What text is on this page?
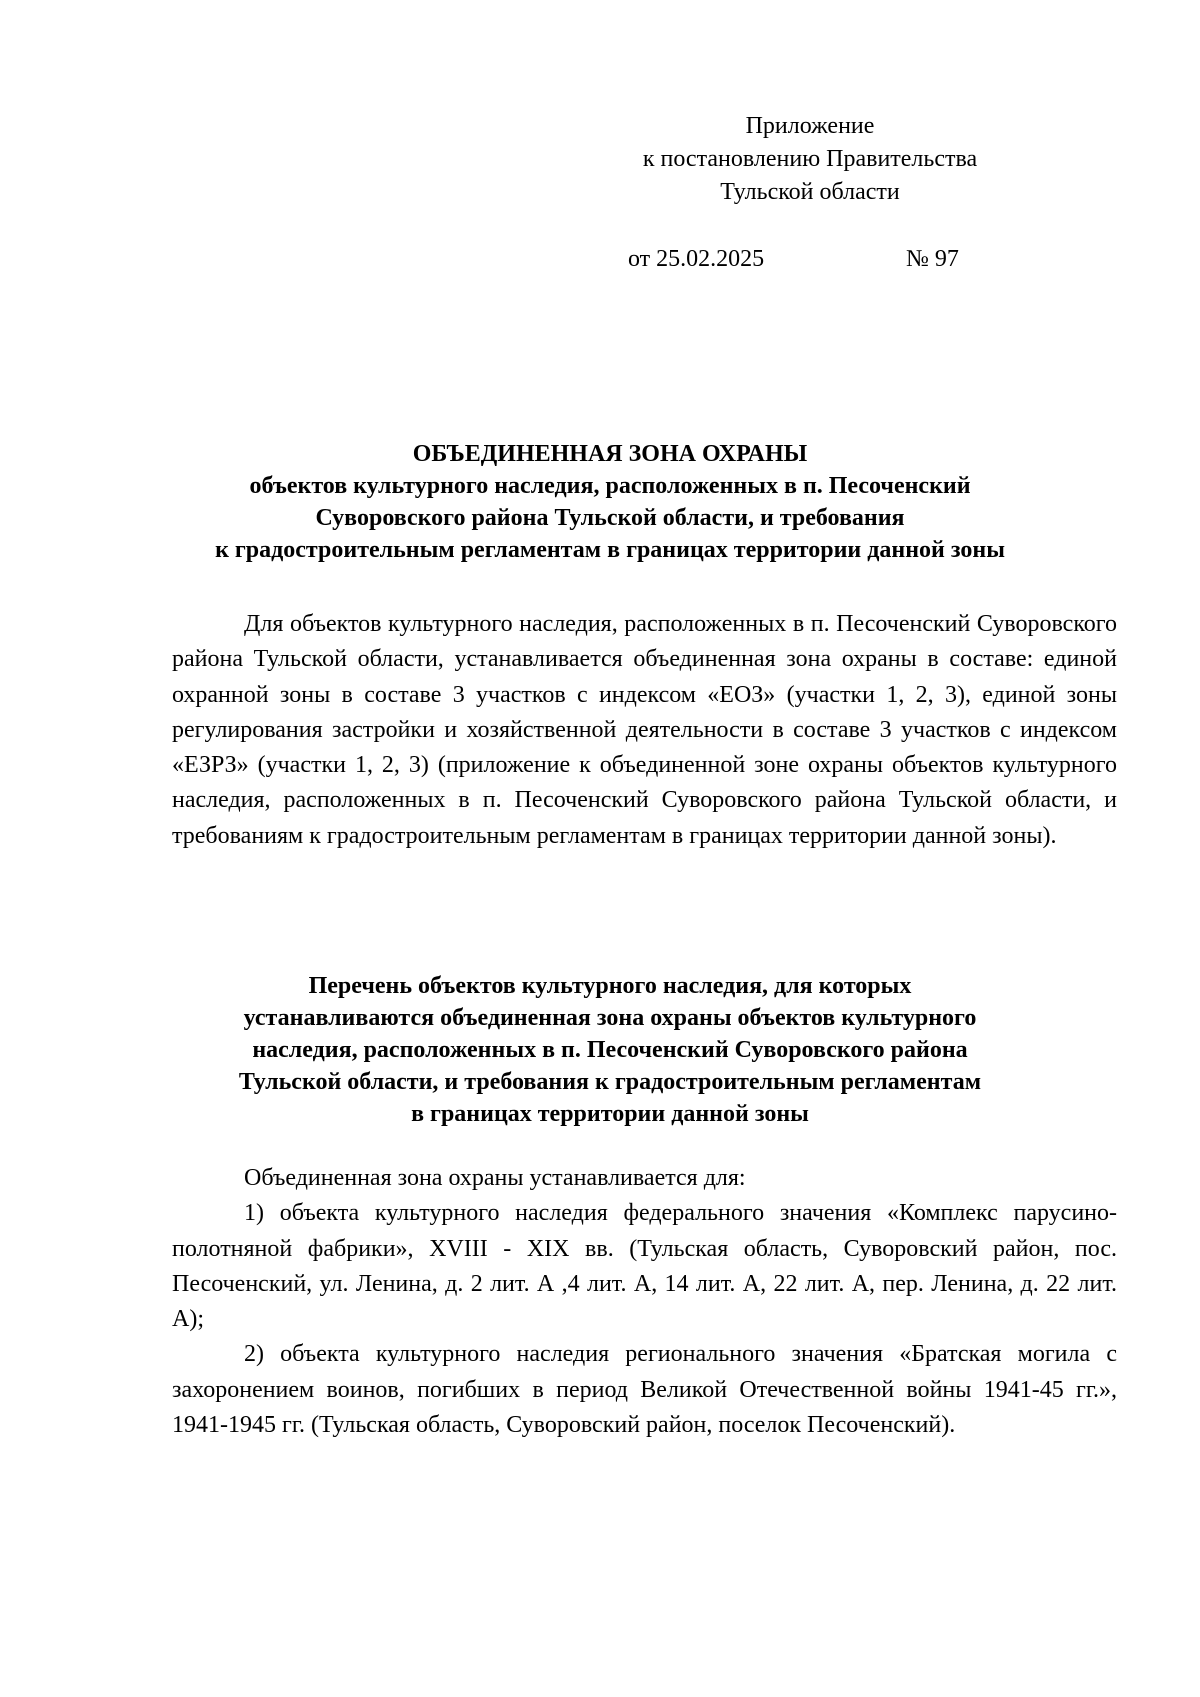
Приложение
к постановлению Правительства
Тульской области
от 25.02.2025	№ 97
ОБЪЕДИНЕННАЯ ЗОНА ОХРАНЫ
объектов культурного наследия, расположенных в п. Песоченский
Суворовского района Тульской области, и требования
к градостроительным регламентам в границах территории данной зоны

Для объектов культурного наследия, расположенных в п. Песоченский Суворовского района Тульской области, устанавливается объединенная зона охраны в составе: единой охранной зоны в составе 3 участков с индексом «ЕОЗ» (участки 1, 2, 3), единой зоны регулирования застройки и хозяйственной деятельности в составе 3 участков с индексом «ЕЗРЗ» (участки 1, 2, 3) (приложение к объединенной зоне охраны объектов культурного наследия, расположенных в п. Песоченский Суворовского района Тульской области, и требованиям к градостроительным регламентам в границах территории данной зоны).

Перечень объектов культурного наследия, для которых
устанавливаются объединенная зона охраны объектов культурного
наследия, расположенных в п. Песоченский Суворовского района
Тульской области, и требования к градостроительным регламентам
в границах территории данной зоны

Объединенная зона охраны устанавливается для:

1) объекта культурного наследия федерального значения «Комплекс парусино-полотняной фабрики», XVIII - XIX вв. (Тульская область, Суворовский район, пос. Песоченский, ул. Ленина, д. 2 лит. А ,4 лит. А, 14 лит. А, 22 лит. А, пер. Ленина, д. 22 лит. А);

2) объекта культурного наследия регионального значения «Братская могила с захоронением воинов, погибших в период Великой Отечественной войны 1941-45 гг.», 1941-1945 гг. (Тульская область, Суворовский район, поселок Песоченский).
